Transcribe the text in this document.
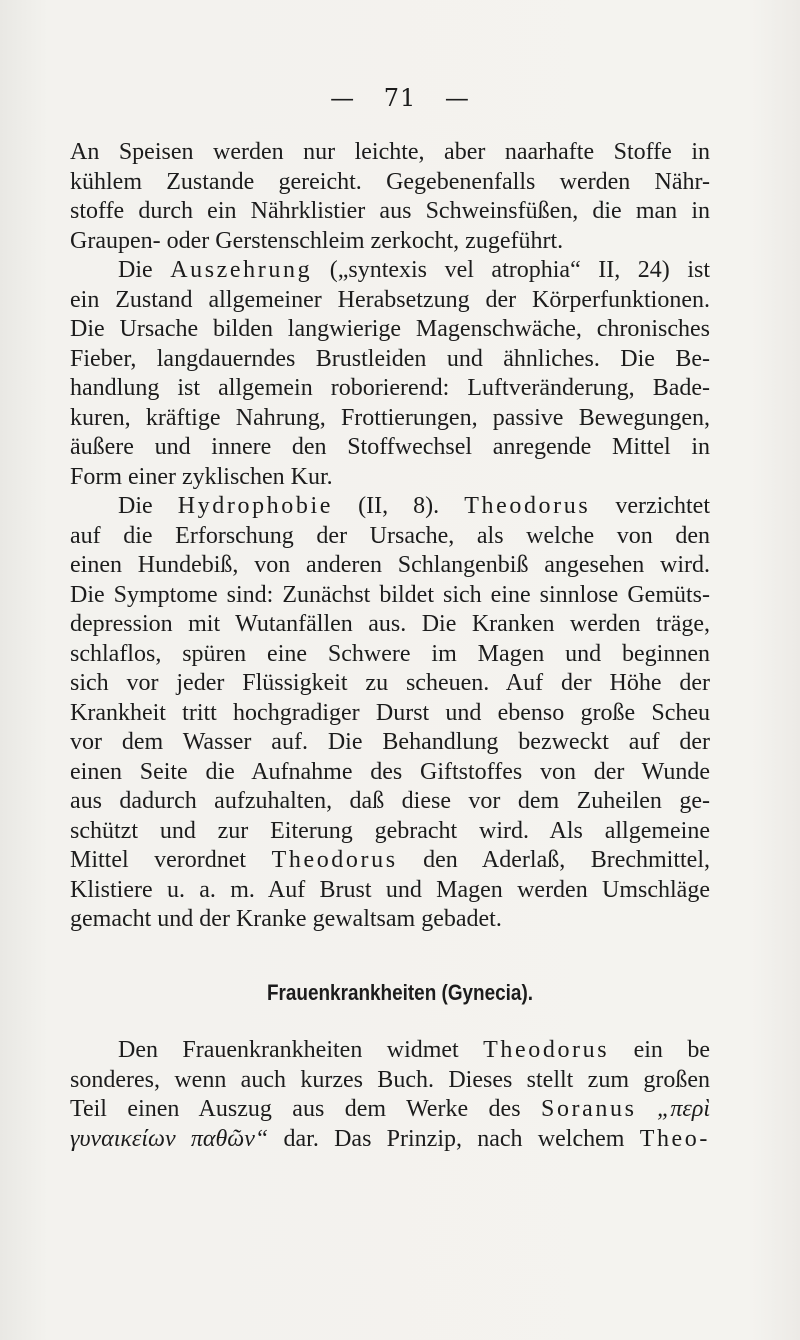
— 71 —
An Speisen werden nur leichte, aber naarhafte Stoffe in
kühlem Zustande gereicht. Gegebenenfalls werden Nähr-
stoffe durch ein Nährklistier aus Schweinsfüßen, die man in
Graupen- oder Gerstenschleim zerkocht, zugeführt.
Die Auszehrung („syntexis vel atrophia“ II, 24) ist
ein Zustand allgemeiner Herabsetzung der Körperfunktionen.
Die Ursache bilden langwierige Magenschwäche, chronisches
Fieber, langdauerndes Brustleiden und ähnliches. Die Be-
handlung ist allgemein roborierend: Luftveränderung, Bade-
kuren, kräftige Nahrung, Frottierungen, passive Bewegungen,
äußere und innere den Stoffwechsel anregende Mittel in
Form einer zyklischen Kur.
Die Hydrophobie (II, 8). Theodorus verzichtet
auf die Erforschung der Ursache, als welche von den
einen Hundebiß, von anderen Schlangenbiß angesehen wird.
Die Symptome sind: Zunächst bildet sich eine sinnlose Gemüts-
depression mit Wutanfällen aus. Die Kranken werden träge,
schlaflos, spüren eine Schwere im Magen und beginnen
sich vor jeder Flüssigkeit zu scheuen. Auf der Höhe der
Krankheit tritt hochgradiger Durst und ebenso große Scheu
vor dem Wasser auf. Die Behandlung bezweckt auf der
einen Seite die Aufnahme des Giftstoffes von der Wunde
aus dadurch aufzuhalten, daß diese vor dem Zuheilen ge-
schützt und zur Eiterung gebracht wird. Als allgemeine
Mittel verordnet Theodorus den Aderlaß, Brechmittel,
Klistiere u. a. m. Auf Brust und Magen werden Umschläge
gemacht und der Kranke gewaltsam gebadet.
Frauenkrankheiten (Gynecia).
Den Frauenkrankheiten widmet Theodorus ein be
sonderes, wenn auch kurzes Buch. Dieses stellt zum großen
Teil einen Auszug aus dem Werke des Soranus „περὶ
γυναικείων παθῶν“ dar. Das Prinzip, nach welchem Theo-
